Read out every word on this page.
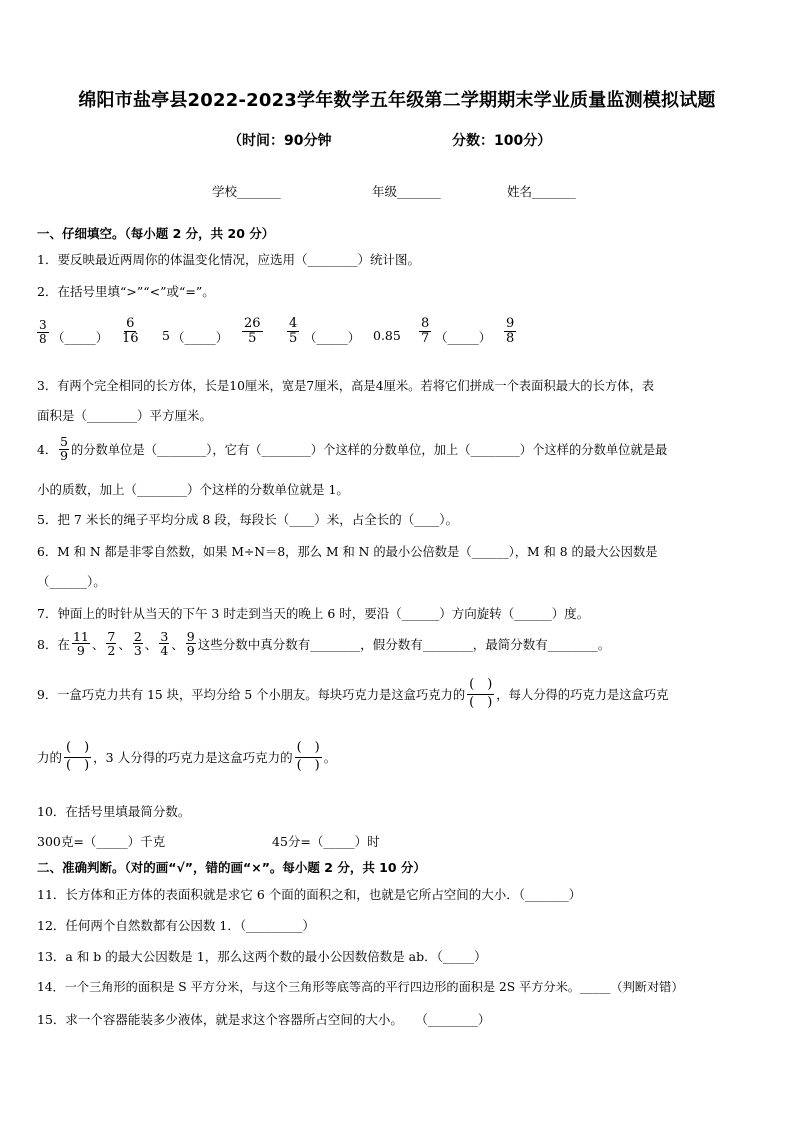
绵阳市盐亭县2022-2023学年数学五年级第二学期期末学业质量监测模拟试题
（时间：90分钟	分数：100分）
学校_______	年级_______	姓名_______
一、仔细填空。（每小题 2 分，共 20 分）
1．要反映最近两周你的体温变化情况，应选用（________）统计图。
2．在括号里填“>”“<”或“=”。
$\frac{3}{8}$ （_____） $\frac{6}{16} 5$ （_____） $\frac{26}{5} \frac{4}{5}$ （_____） $0.85 \frac{8}{7}$ （_____） $\frac{9}{8}$
3．有两个完全相同的长方体，长是10厘米，宽是7厘米，高是4厘米。若将它们拼成一个表面积最大的长方体，表
面积是（________）平方厘米。
4． $\frac{5}{9}$ 的分数单位是（________），它有（________）个这样的分数单位，加上（________）个这样的分数单位就是最
小的质数，加上（________）个这样的分数单位就是 1。
5．把 7 米长的绳子平均分成 8 段，每段长（____）米，占全长的（____）。
6．M 和 N 都是非零自然数，如果 M÷N＝8，那么 M 和 N 的最小公倍数是（______），M 和 8 的最大公因数是
（______）。
7．钟面上的时针从当天的下午 3 时走到当天的晚上 6 时，要沿（______）方向旋转（______）度。
8．在 $\frac{11}{9}$ 、 $\frac{7}{2}$ 、 $\frac{2}{3}$ 、 $\frac{3}{4}$ 、 $\frac{9}{9}$ 这些分数中真分数有________，假分数有________，最简分数有________。
9．一盒巧克力共有 15 块，平均分给 5 个小朋友。每块巧克力是这盒巧克力的
(　)
(　) ，每人分得的巧克力是这盒巧克
力的
(　)
(　) ，3 人分得的巧克力是这盒巧克力的
(　)
(　) 。
10．在括号里填最简分数。
300克=（_____）千克	45分=（_____）时
二、准确判断。（对的画“√”，错的画“×”。每小题 2 分，共 10 分）
11．长方体和正方体的表面积就是求它 6 个面的面积之和，也就是它所占空间的大小．（_______）
12．任何两个自然数都有公因数 1．（_________）
13．a 和 b 的最大公因数是 1，那么这两个数的最小公因数倍数是 ab．（_____）
14．一个三角形的面积是 S 平方分米，与这个三角形等底等高的平行四边形的面积是 2S 平方分米。_____（判断对错）
15．求一个容器能装多少液体，就是求这个容器所占空间的大小。　　（________）
